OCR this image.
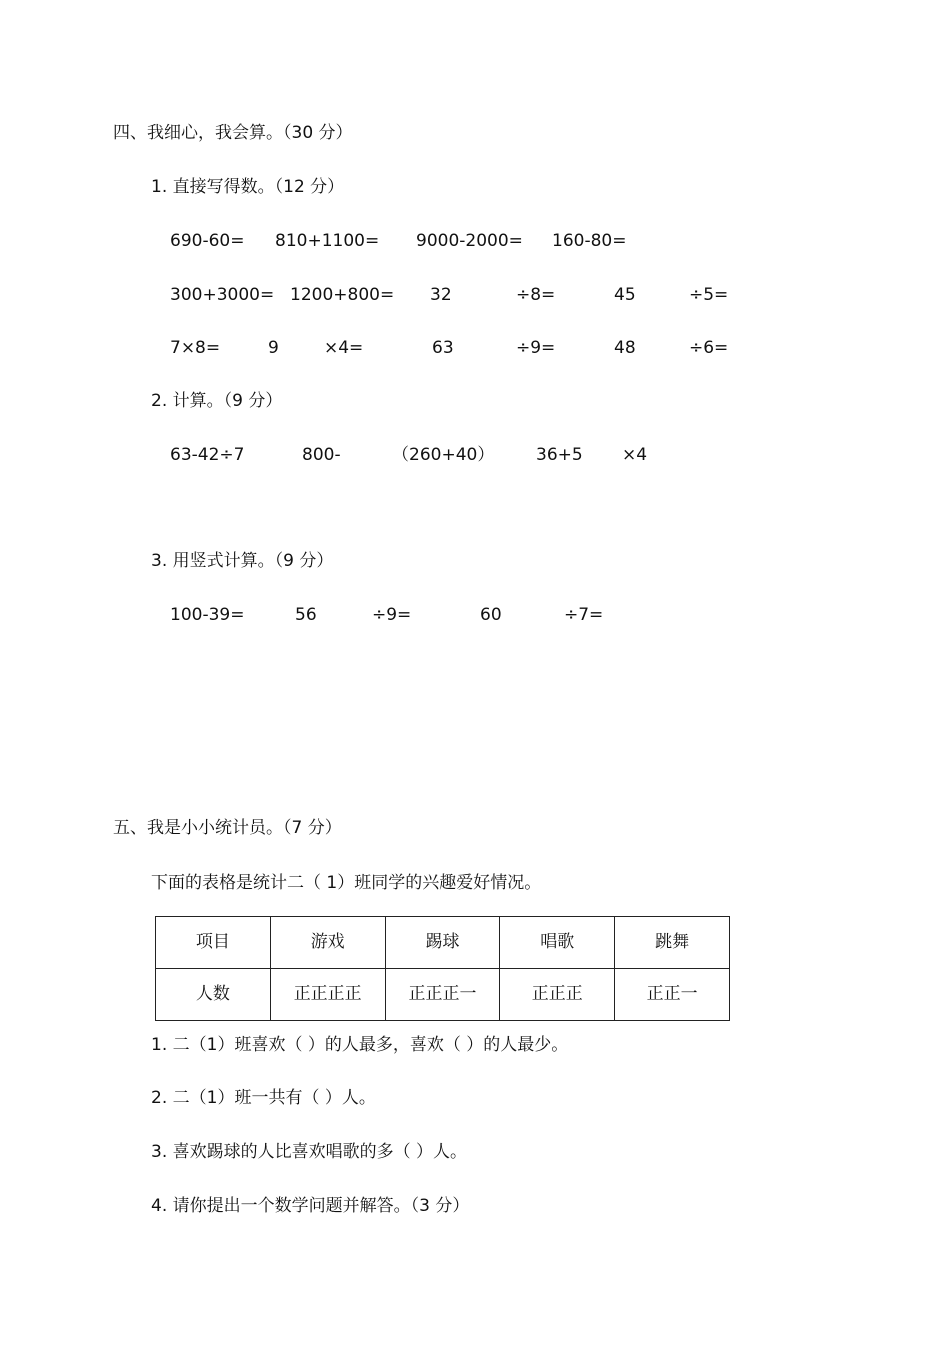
四、我细心，我会算。（30 分）
1. 直接写得数。（12 分）
690-60= 810+1100= 9000-2000= 160-80=
300+3000= 1200+800= 32	÷8=	45	÷5=
7×8=	9	×4=	63	÷9=	48	÷6=
2. 计算。（9 分）
63-42÷7	800-	（260+40） 36+5 ×4
3. 用竖式计算。（9 分）
100-39=	56	÷9=	60	÷7=
五、我是小小统计员。（7 分）
下面的表格是统计二（ 1）班同学的兴趣爱好情况。
项目	游戏	踢球	唱歌	跳舞
人数	正正正正	正正正一	正正正	正正一
1. 二（1）班喜欢（ ）的人最多，喜欢（ ）的人最少。
2. 二（1）班一共有（ ）人。
3. 喜欢踢球的人比喜欢唱歌的多（ ）人。
4. 请你提出一个数学问题并解答。（3 分）
